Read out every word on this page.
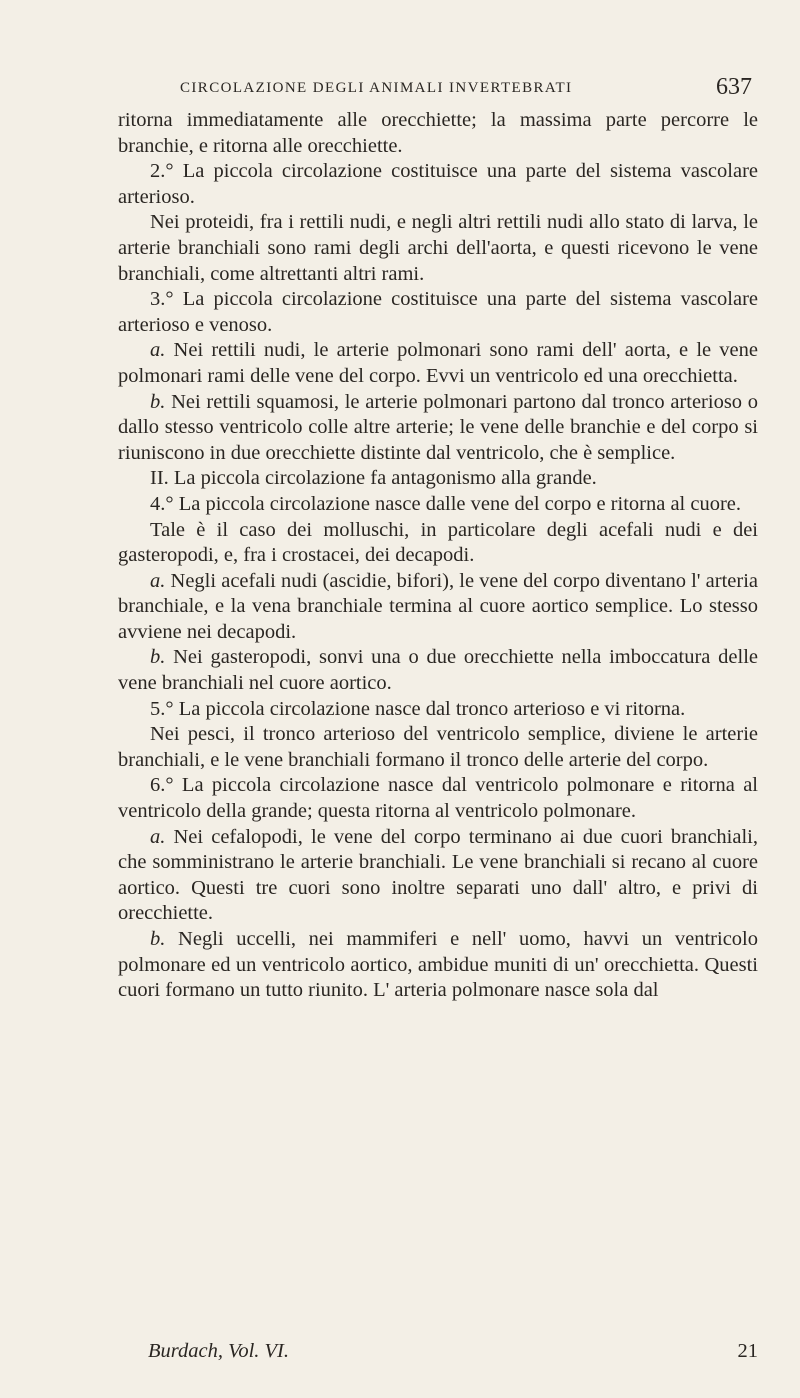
CIRCOLAZIONE DEGLI ANIMALI INVERTEBRATI	637

ritorna immediatamente alle orecchiette; la massima parte percorre le branchie, e ritorna alle orecchiette.

2.° La piccola circolazione costituisce una parte del sistema vascolare arterioso.

Nei proteidi, fra i rettili nudi, e negli altri rettili nudi allo stato di larva, le arterie branchiali sono rami degli archi dell'aorta, e questi ricevono le vene branchiali, come altrettanti altri rami.

3.° La piccola circolazione costituisce una parte del sistema vascolare arterioso e venoso.

a. Nei rettili nudi, le arterie polmonari sono rami dell' aorta, e le vene polmonari rami delle vene del corpo. Evvi un ventricolo ed una orecchietta.

b. Nei rettili squamosi, le arterie polmonari partono dal tronco arterioso o dallo stesso ventricolo colle altre arterie; le vene delle branchie e del corpo si riuniscono in due orecchiette distinte dal ventricolo, che è semplice.

II. La piccola circolazione fa antagonismo alla grande.

4.° La piccola circolazione nasce dalle vene del corpo e ritorna al cuore.

Tale è il caso dei molluschi, in particolare degli acefali nudi e dei gasteropodi, e, fra i crostacei, dei decapodi.

a. Negli acefali nudi (ascidie, bifori), le vene del corpo diventano l' arteria branchiale, e la vena branchiale termina al cuore aortico semplice. Lo stesso avviene nei decapodi.

b. Nei gasteropodi, sonvi una o due orecchiette nella imboccatura delle vene branchiali nel cuore aortico.

5.° La piccola circolazione nasce dal tronco arterioso e vi ritorna.

Nei pesci, il tronco arterioso del ventricolo semplice, diviene le arterie branchiali, e le vene branchiali formano il tronco delle arterie del corpo.

6.° La piccola circolazione nasce dal ventricolo polmonare e ritorna al ventricolo della grande; questa ritorna al ventricolo polmonare.

a. Nei cefalopodi, le vene del corpo terminano ai due cuori branchiali, che somministrano le arterie branchiali. Le vene branchiali si recano al cuore aortico. Questi tre cuori sono inoltre separati uno dall' altro, e privi di orecchiette.

b. Negli uccelli, nei mammiferi e nell' uomo, havvi un ventricolo polmonare ed un ventricolo aortico, ambidue muniti di un' orecchietta. Questi cuori formano un tutto riunito. L' arteria polmonare nasce sola dal

Burdach, Vol. VI.	21
